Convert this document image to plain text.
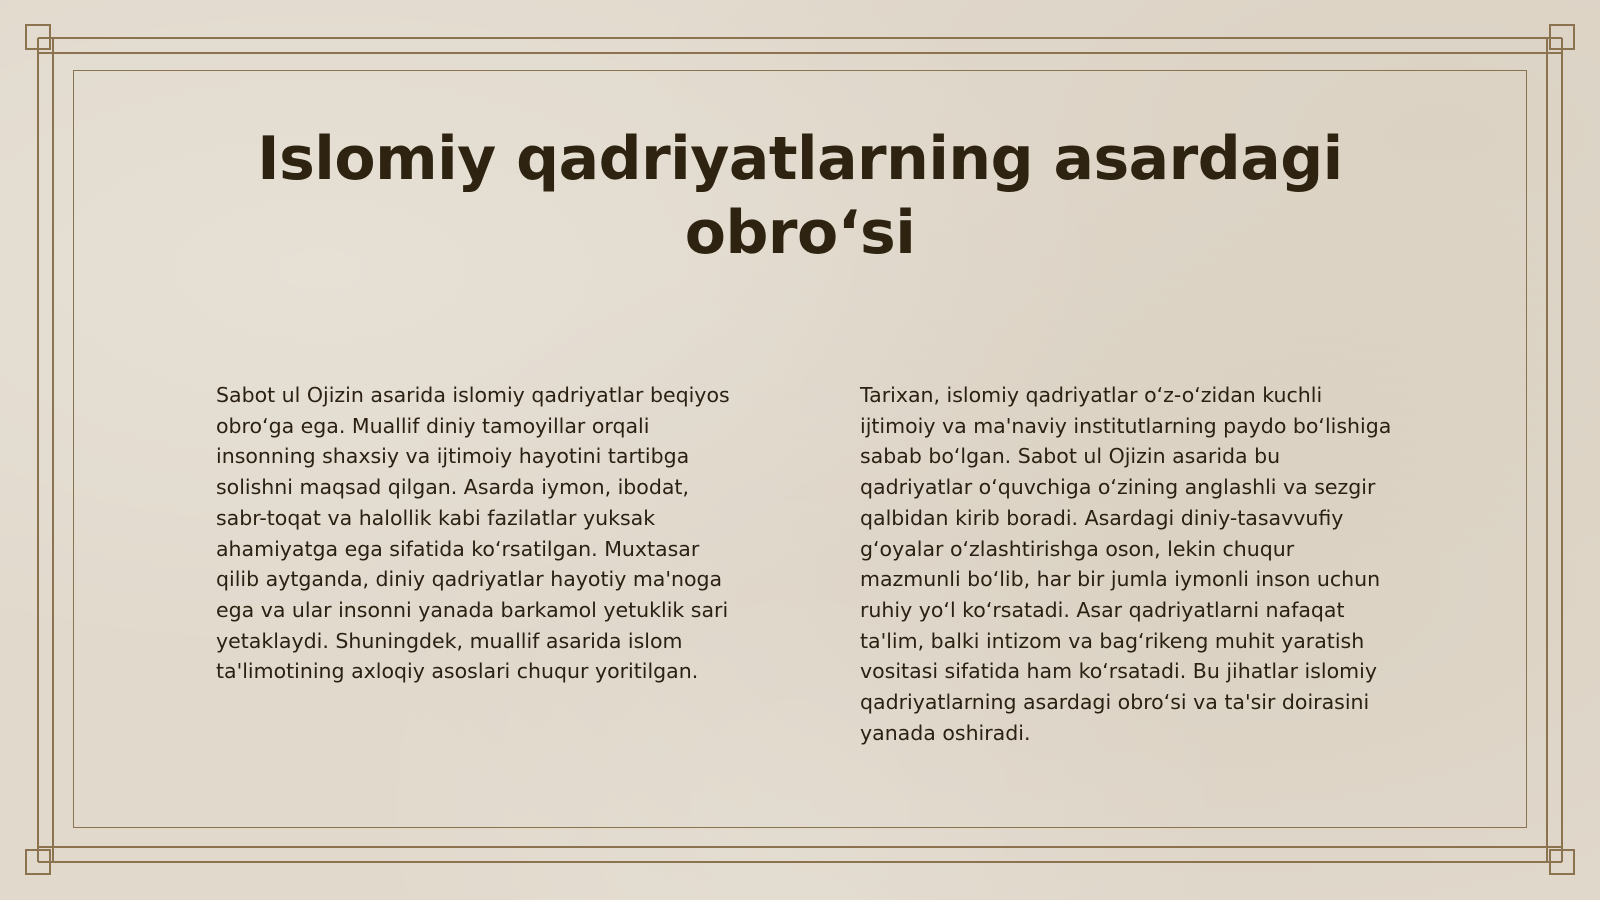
Islomiy qadriyatlarning asardagi obro‘si

Sabot ul Ojizin asarida islomiy qadriyatlar beqiyos obro‘ga ega. Muallif diniy tamoyillar orqali insonning shaxsiy va ijtimoiy hayotini tartibga solishni maqsad qilgan. Asarda iymon, ibodat, sabr-toqat va halollik kabi fazilatlar yuksak ahamiyatga ega sifatida ko‘rsatilgan. Muxtasar qilib aytganda, diniy qadriyatlar hayotiy ma'noga ega va ular insonni yanada barkamol yetuklik sari yetaklaydi. Shuningdek, muallif asarida islom ta'limotining axloqiy asoslari chuqur yoritilgan.

Tarixan, islomiy qadriyatlar o‘z-o‘zidan kuchli ijtimoiy va ma'naviy institutlarning paydo bo‘lishiga sabab bo‘lgan. Sabot ul Ojizin asarida bu qadriyatlar o‘quvchiga o‘zining anglashli va sezgir qalbidan kirib boradi. Asardagi diniy-tasavvufiy g‘oyalar o‘zlashtirishga oson, lekin chuqur mazmunli bo‘lib, har bir jumla iymonli inson uchun ruhiy yo‘l ko‘rsatadi. Asar qadriyatlarni nafaqat ta'lim, balki intizom va bag‘rikeng muhit yaratish vositasi sifatida ham ko‘rsatadi. Bu jihatlar islomiy qadriyatlarning asardagi obro‘si va ta'sir doirasini yanada oshiradi.
